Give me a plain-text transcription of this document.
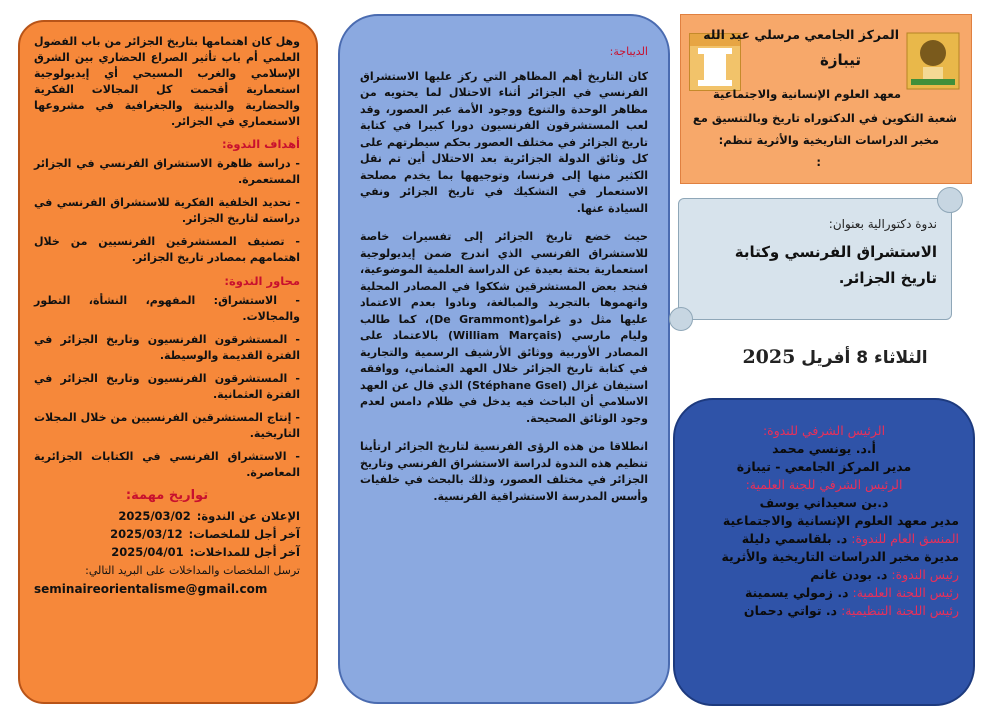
وهل كان اهتمامها بتاريخ الجزائر من باب الفضول العلمي أم باب تأثير الصراع الحضاري بين الشرق الإسلامي والغرب المسيحي أي إيديولوجية استعمارية أقحمت كل المجالات الفكرية والحضارية والدينية والجغرافية في مشروعها الاستعماري في الجزائر.

أهداف الندوة:
- دراسة ظاهرة الاستشراق الفرنسي في الجزائر المستعمرة.
- تحديد الخلفية الفكرية للاستشراق الفرنسي في دراسته لتاريخ الجزائر.
- تصنيف المستشرقين الفرنسيين من خلال اهتمامهم بمصادر تاريخ الجزائر.
محاور الندوة:
- الاستشراق: المفهوم، النشأة، التطور والمجالات.
- المستشرقون الفرنسيون وتاريخ الجزائر في الفترة القديمة والوسيطة.
- المستشرقون الفرنسيون وتاريخ الجزائر في الفترة العثمانية.
- إنتاج المستشرقين الفرنسيين من خلال المجلات التاريخية.
- الاستشراق الفرنسي في الكتابات الجزائرية المعاصرة.
تواريخ مهمة:
الإعلان عن الندوة:
2025/03/02
آخر أجل للملخصات:
2025/03/12
آخر أجل للمداخلات:
2025/04/01
ترسل الملخصات والمداخلات على البريد التالي:
seminaireorientalisme@gmail.com
الديباجة:

كان التاريخ أهم المظاهر التي ركز عليها الاستشراق الفرنسي في الجزائر أثناء الاحتلال لما يحتويه من مظاهر الوحدة والتنوع ووجود الأمة عبر العصور، وقد لعب المستشرقون الفرنسيون دورا كبيرا في كتابة تاريخ الجزائر في مختلف العصور بحكم سيطرتهم على كل وثائق الدولة الجزائرية بعد الاحتلال أين تم نقل الكثير منها إلى فرنسا، وتوجيهها بما يخدم مصلحة الاستعمار في التشكيك في تاريخ الجزائر ونفي السيادة عنها.

حيث خضع تاريخ الجزائر إلى تفسيرات خاصة للاستشراق الفرنسي الذي اندرج ضمن إيديولوجية استعمارية بحتة بعيدة عن الدراسة العلمية الموضوعية، فنجد بعض المستشرقين شككوا في المصادر المحلية واتهموها بالتجريد والمبالغة، ونادوا بعدم الاعتماد عليها مثل دو غرامو(De Grammont)، كما طالب وليام مارسي (William Marçais) بالاعتماد على المصادر الأوربية ووثائق الأرشيف الرسمية والتجارية في كتابة تاريخ الجزائر خلال العهد العثماني، ووافقه استيفان غزال (Stéphane Gsel) الذي قال عن العهد الاسلامي أن الباحث فيه يدخل في ظلام دامس لعدم وجود الوثائق الصحيحة.

انطلاقا من هذه الرؤى الفرنسية لتاريخ الجزائر ارتأينا تنظيم هذه الندوة لدراسة الاستشراق الفرنسي وتاريخ الجزائر في مختلف العصور، وذلك بالبحث في خلفيات وأسس المدرسة الاستشراقية الفرنسية.

المركز الجامعي مرسلي عبد الله
تيبازة
معهد العلوم الإنسانية والاجتماعية
شعبة التكوين في الدكتوراه تاريخ وبالتنسيق مع
مخبر الدراسات التاريخية والأثرية تنظم:
:
ندوة دكتورالية بعنوان:
الاستشراق الفرنسي وكتابة تاريخ الجزائر.
الثلاثاء 8 أفريل 2025

الرئيس الشرفي للندوة:

أ.د. يونسي محمد

مدير المركز الجامعي - تيبازة

الرئيس الشرفي للجنة العلمية:

د.بن سعيداني يوسف

مدير معهد العلوم الإنسانية والاجتماعية

المنسق العام للندوة: د. بلقاسمي دليلة

مديرة مخبر الدراسات التاريخية والأثرية

رئيس الندوة: د. بودن غانم

رئيس اللجنة العلمية: د. زمولي يسمينة

رئيس اللجنة التنظيمية: د. تواتي دحمان
